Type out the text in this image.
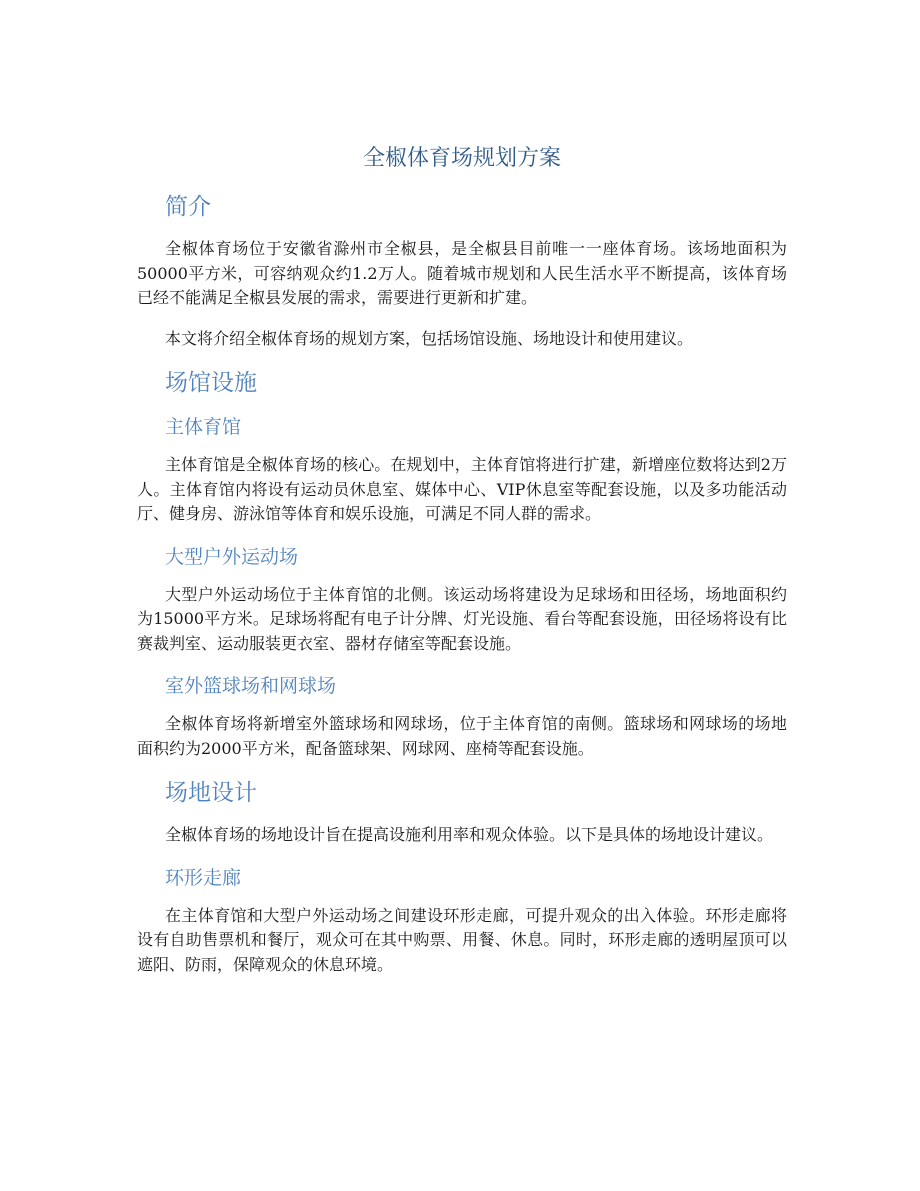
全椒体育场规划方案
简介

全椒体育场位于安徽省滁州市全椒县，是全椒县目前唯一一座体育场。该场地面积为50000平方米，可容纳观众约1.2万人。随着城市规划和人民生活水平不断提高，该体育场已经不能满足全椒县发展的需求，需要进行更新和扩建。

本文将介绍全椒体育场的规划方案，包括场馆设施、场地设计和使用建议。

场馆设施
主体育馆

主体育馆是全椒体育场的核心。在规划中，主体育馆将进行扩建，新增座位数将达到2万人。主体育馆内将设有运动员休息室、媒体中心、VIP休息室等配套设施，以及多功能活动厅、健身房、游泳馆等体育和娱乐设施，可满足不同人群的需求。

大型户外运动场

大型户外运动场位于主体育馆的北侧。该运动场将建设为足球场和田径场，场地面积约为15000平方米。足球场将配有电子计分牌、灯光设施、看台等配套设施，田径场将设有比赛裁判室、运动服装更衣室、器材存储室等配套设施。

室外篮球场和网球场

全椒体育场将新增室外篮球场和网球场，位于主体育馆的南侧。篮球场和网球场的场地面积约为2000平方米，配备篮球架、网球网、座椅等配套设施。

场地设计

全椒体育场的场地设计旨在提高设施利用率和观众体验。以下是具体的场地设计建议。

环形走廊

在主体育馆和大型户外运动场之间建设环形走廊，可提升观众的出入体验。环形走廊将设有自助售票机和餐厅，观众可在其中购票、用餐、休息。同时，环形走廊的透明屋顶可以遮阳、防雨，保障观众的休息环境。
